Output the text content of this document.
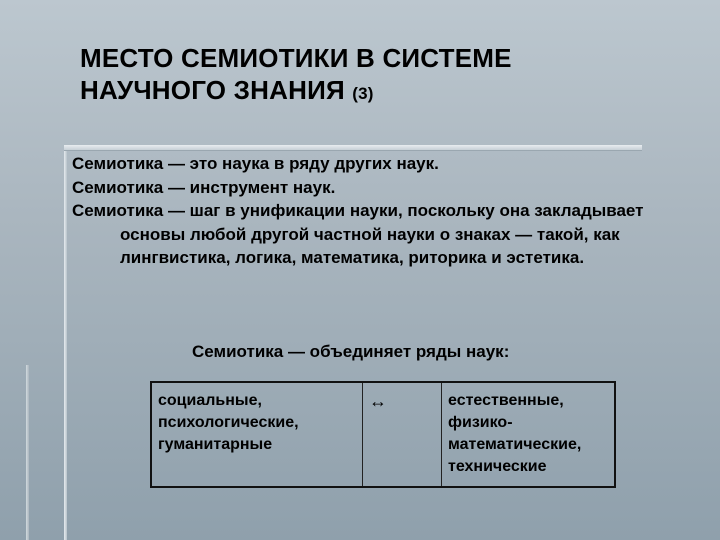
МЕСТО СЕМИОТИКИ В СИСТЕМЕ
НАУЧНОГО ЗНАНИЯ (3)

Семиотика — это наука в ряду других наук.

Семиотика — инструмент наук.

Семиотика — шаг в унификации науки, поскольку она закладывает основы любой другой частной науки о знаках — такой, как лингвистика, логика, математика, риторика и эстетика.

Семиотика — объединяет ряды наук:
социальные, психологические, гуманитарные	↔	естественные, физико-математические, технические
